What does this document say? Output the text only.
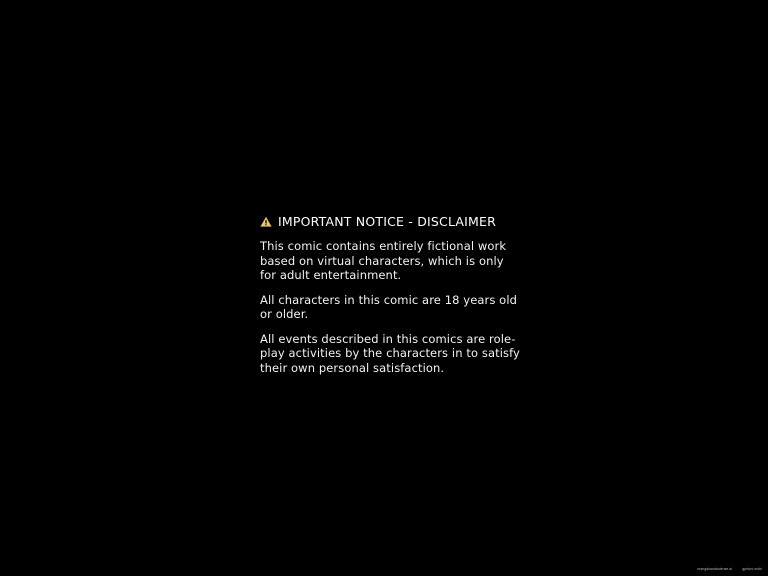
IMPORTANT NOTICE - DISCLAIMER

This comic contains entirely fictional work based on virtual characters, which is only for adult entertainment.

All characters in this comic are 18 years old or older.

All events described in this comics are role-play activities by the characters in to satisfy their own personal satisfaction.

mangakanakalense.ai	gprdus.mobi
